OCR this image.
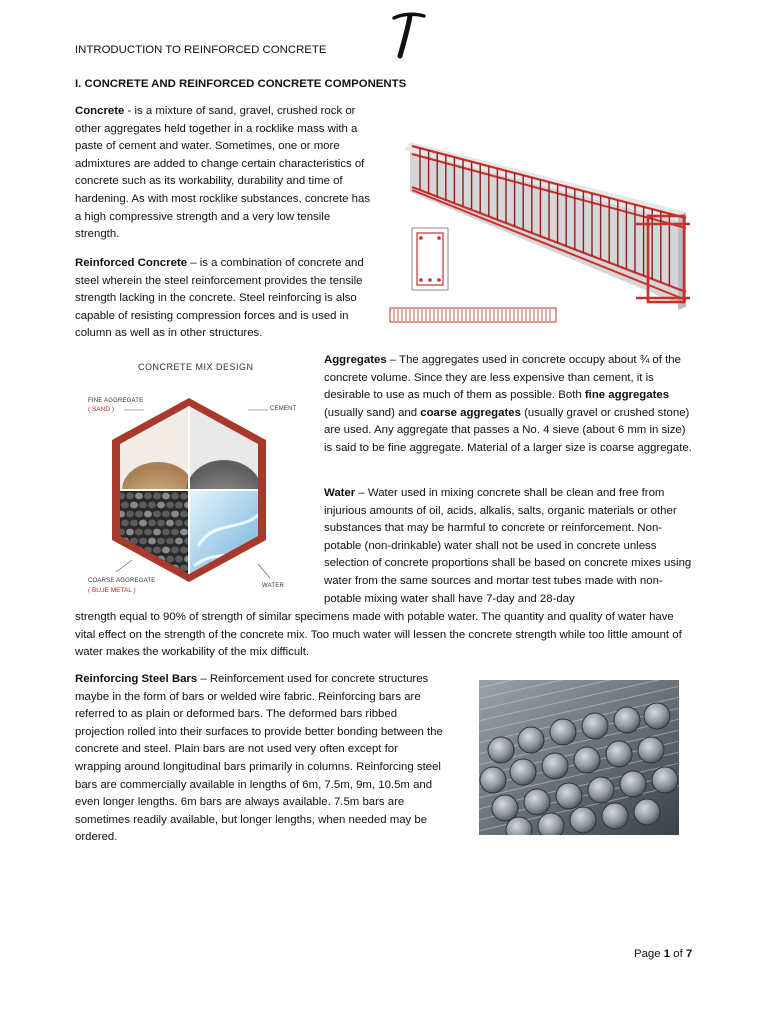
INTRODUCTION TO REINFORCED CONCRETE
I. CONCRETE AND REINFORCED CONCRETE COMPONENTS

Concrete - is a mixture of sand, gravel, crushed rock or other aggregates held together in a rocklike mass with a paste of cement and water. Sometimes, one or more admixtures are added to change certain characteristics of concrete such as its workability, durability and time of hardening. As with most rocklike substances, concrete has a high compressive strength and a very low tensile strength.

Reinforced Concrete – is a combination of concrete and steel wherein the steel reinforcement provides the tensile strength lacking in the concrete. Steel reinforcing is also capable of resisting compression forces and is used in column as well as in other structures.

CONCRETE MIX DESIGN
FINE AGGREGATE
( SAND )	CEMENT
COARSE AGGREGATE
( BLUE METAL )
WATER

Aggregates – The aggregates used in concrete occupy about ¾ of the concrete volume. Since they are less expensive than cement, it is desirable to use as much of them as possible. Both fine aggregates (usually sand) and coarse aggregates (usually gravel or crushed stone) are used. Any aggregate that passes a No. 4 sieve (about 6 mm in size) is said to be fine aggregate. Material of a larger size is coarse aggregate.

Water – Water used in mixing concrete shall be clean and free from injurious amounts of oil, acids, alkalis, salts, organic materials or other substances that may be harmful to concrete or reinforcement. Non-potable (non-drinkable) water shall not be used in concrete unless selection of concrete proportions shall be based on concrete mixes using water from the same sources and mortar test tubes made with non-potable mixing water shall have 7-day and 28-day

strength equal to 90% of strength of similar specimens made with potable water. The quantity and quality of water have vital effect on the strength of the concrete mix. Too much water will lessen the concrete strength while too little amount of water makes the workability of the mix difficult.

Reinforcing Steel Bars – Reinforcement used for concrete structures maybe in the form of bars or welded wire fabric. Reinforcing bars are referred to as plain or deformed bars. The deformed bars ribbed projection rolled into their surfaces to provide better bonding between the concrete and steel. Plain bars are not used very often except for wrapping around longitudinal bars primarily in columns. Reinforcing steel bars are commercially available in lengths of 6m, 7.5m, 9m, 10.5m and even longer lengths. 6m bars are always available. 7.5m bars are sometimes readily available, but longer lengths, when needed may be ordered.

Page 1 of 7
